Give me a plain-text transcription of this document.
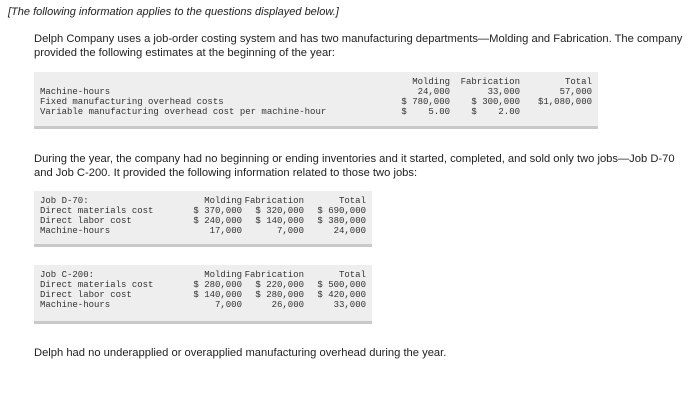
[The following information applies to the questions displayed below.]
Delph Company uses a job-order costing system and has two manufacturing departments—Molding and Fabrication. The company provided the following estimates at the beginning of the year:
	Molding	Fabrication	Total
Machine-hours	24,000	33,000	57,000
Fixed manufacturing overhead costs	$ 780,000	$ 300,000	$1,080,000
Variable manufacturing overhead cost per machine-hour	$    5.00	$    2.00	
During the year, the company had no beginning or ending inventories and it started, completed, and sold only two jobs—Job D-70 and Job C-200. It provided the following information related to those two jobs:
Job D-70:	Molding	Fabrication	Total
Direct materials cost	$ 370,000	$ 320,000	$ 690,000
Direct labor cost	$ 240,000	$ 140,000	$ 380,000
Machine-hours	17,000	7,000	24,000
Job C-200:	Molding	Fabrication	Total
Direct materials cost	$ 280,000	$ 220,000	$ 500,000
Direct labor cost	$ 140,000	$ 280,000	$ 420,000
Machine-hours	7,000	26,000	33,000
Delph had no underapplied or overapplied manufacturing overhead during the year.
